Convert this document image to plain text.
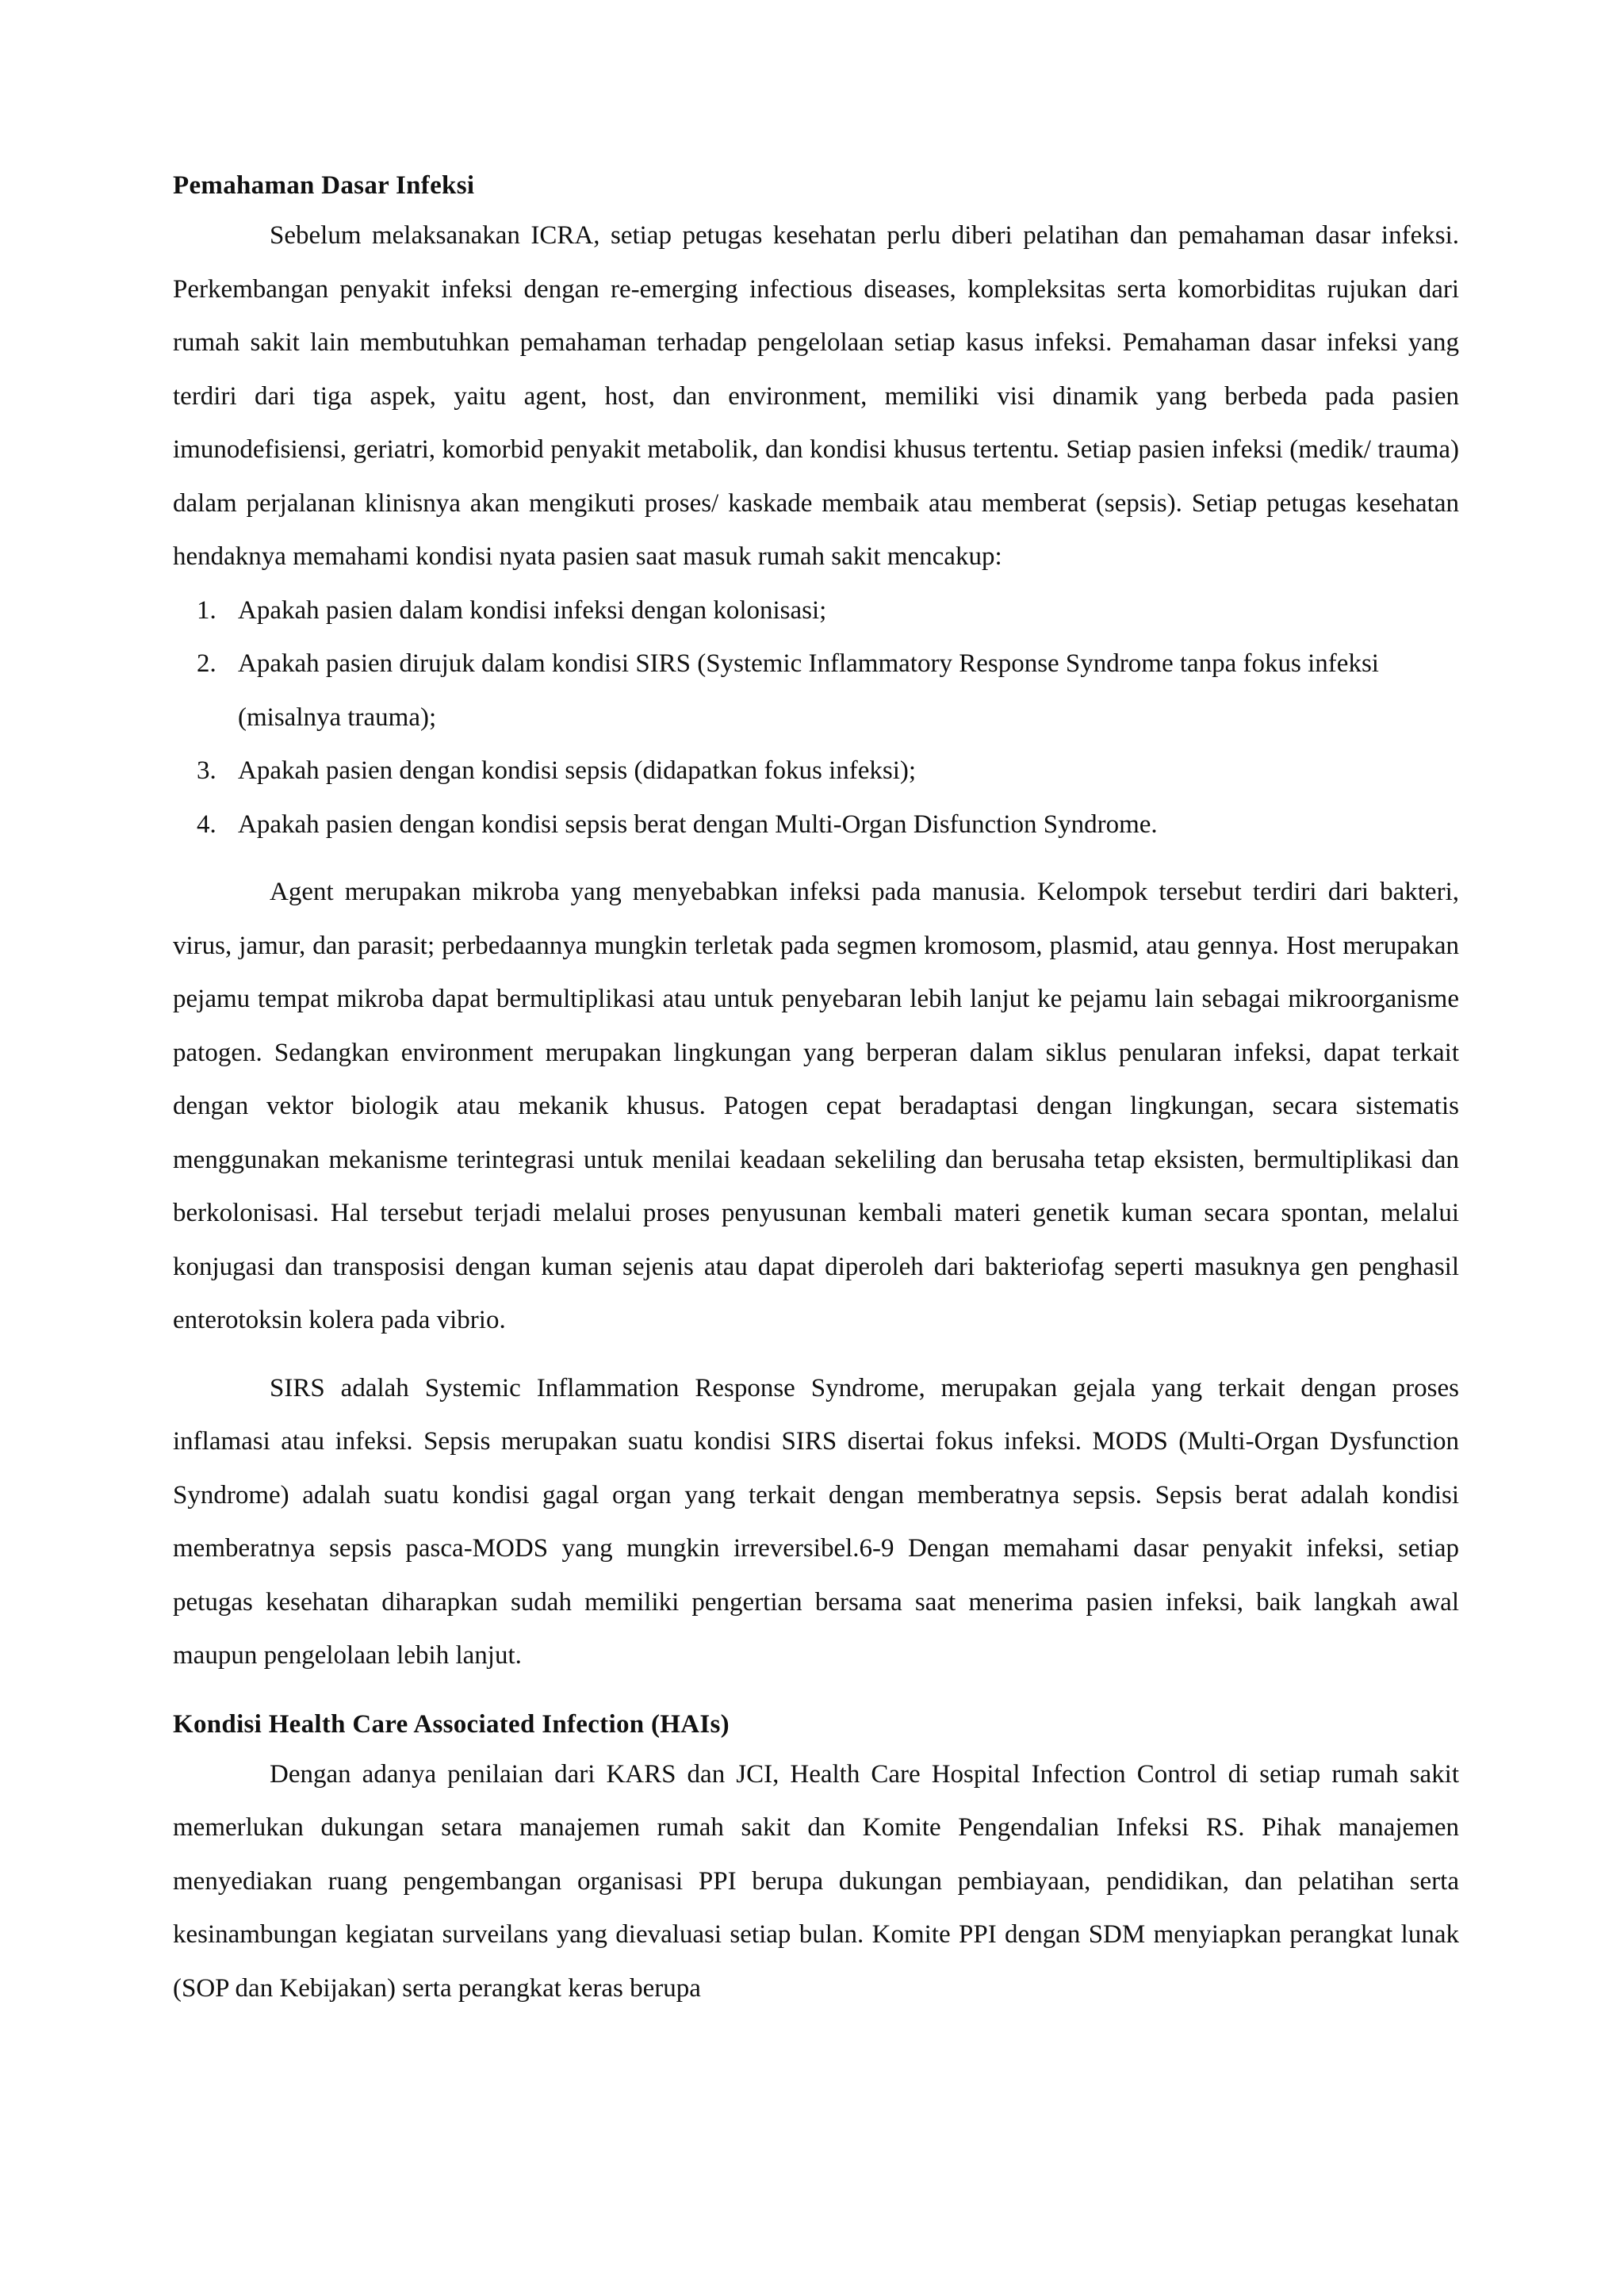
Pemahaman Dasar Infeksi

Sebelum melaksanakan ICRA, setiap petugas kesehatan perlu diberi pelatihan dan pemahaman dasar infeksi. Perkembangan penyakit infeksi dengan re-emerging infectious diseases, kompleksitas serta komorbiditas rujukan dari rumah sakit lain membutuhkan pemahaman terhadap pengelolaan setiap kasus infeksi. Pemahaman dasar infeksi yang terdiri dari tiga aspek, yaitu agent, host, dan environment, memiliki visi dinamik yang berbeda pada pasien imunodefisiensi, geriatri, komorbid penyakit metabolik, dan kondisi khusus tertentu. Setiap pasien infeksi (medik/ trauma) dalam perjalanan klinisnya akan mengikuti proses/ kaskade membaik atau memberat (sepsis). Setiap petugas kesehatan hendaknya memahami kondisi nyata pasien saat masuk rumah sakit mencakup:

1. Apakah pasien dalam kondisi infeksi dengan kolonisasi;
2. Apakah pasien dirujuk dalam kondisi SIRS (Systemic Inflammatory Response Syndrome tanpa fokus infeksi (misalnya trauma);
3. Apakah pasien dengan kondisi sepsis (didapatkan fokus infeksi);
4. Apakah pasien dengan kondisi sepsis berat dengan Multi-Organ Disfunction Syndrome.

Agent merupakan mikroba yang menyebabkan infeksi pada manusia. Kelompok tersebut terdiri dari bakteri, virus, jamur, dan parasit; perbedaannya mungkin terletak pada segmen kromosom, plasmid, atau gennya. Host merupakan pejamu tempat mikroba dapat bermultiplikasi atau untuk penyebaran lebih lanjut ke pejamu lain sebagai mikroorganisme patogen. Sedangkan environment merupakan lingkungan yang berperan dalam siklus penularan infeksi, dapat terkait dengan vektor biologik atau mekanik khusus. Patogen cepat beradaptasi dengan lingkungan, secara sistematis menggunakan mekanisme terintegrasi untuk menilai keadaan sekeliling dan berusaha tetap eksisten, bermultiplikasi dan berkolonisasi. Hal tersebut terjadi melalui proses penyusunan kembali materi genetik kuman secara spontan, melalui konjugasi dan transposisi dengan kuman sejenis atau dapat diperoleh dari bakteriofag seperti masuknya gen penghasil enterotoksin kolera pada vibrio.

SIRS adalah Systemic Inflammation Response Syndrome, merupakan gejala yang terkait dengan proses inflamasi atau infeksi. Sepsis merupakan suatu kondisi SIRS disertai fokus infeksi. MODS (Multi-Organ Dysfunction Syndrome) adalah suatu kondisi gagal organ yang terkait dengan memberatnya sepsis. Sepsis berat adalah kondisi memberatnya sepsis pasca-MODS yang mungkin irreversibel.6-9 Dengan memahami dasar penyakit infeksi, setiap petugas kesehatan diharapkan sudah memiliki pengertian bersama saat menerima pasien infeksi, baik langkah awal maupun pengelolaan lebih lanjut.

Kondisi Health Care Associated Infection (HAIs)

Dengan adanya penilaian dari KARS dan JCI, Health Care Hospital Infection Control di setiap rumah sakit memerlukan dukungan setara manajemen rumah sakit dan Komite Pengendalian Infeksi RS. Pihak manajemen menyediakan ruang pengembangan organisasi PPI berupa dukungan pembiayaan, pendidikan, dan pelatihan serta kesinambungan kegiatan surveilans yang dievaluasi setiap bulan. Komite PPI dengan SDM menyiapkan perangkat lunak (SOP dan Kebijakan) serta perangkat keras berupa
